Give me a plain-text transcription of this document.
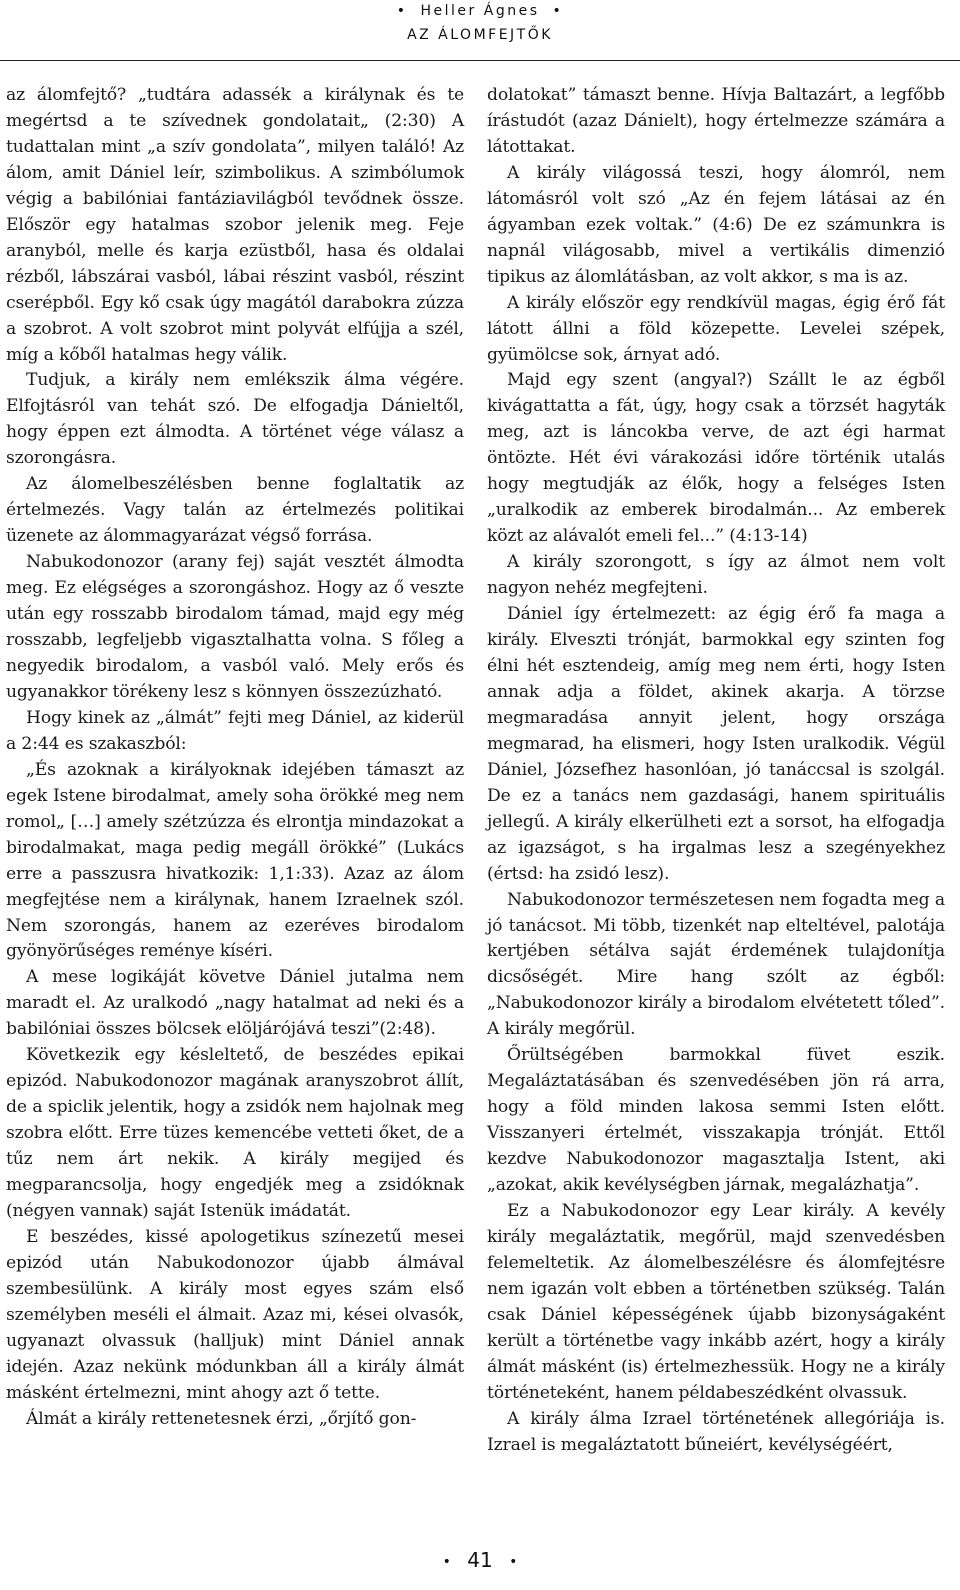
• Heller Ágnes •
AZ ÁLOMFEJTŐK

az álomfejtő? „tudtára adassék a királynak és te megértsd a te szívednek gondolatait„ (2:30) A tudattalan mint „a szív gondolata”, milyen találó! Az álom, amit Dániel leír, szimbolikus. A szimbólumok végig a babilóniai fantáziavilágból tevődnek össze. Először egy hatalmas szobor jelenik meg. Feje aranyból, melle és karja ezüstből, hasa és oldalai rézből, lábszárai vasból, lábai részint vasból, részint cserépből. Egy kő csak úgy magától darabokra zúzza a szobrot. A volt szobrot mint polyvát elfújja a szél, míg a kőből hatalmas hegy válik.

Tudjuk, a király nem emlékszik álma végére. Elfojtásról van tehát szó. De elfogadja Dánieltől, hogy éppen ezt álmodta. A történet vége válasz a szorongásra.

Az álomelbeszélésben benne foglaltatik az értelmezés. Vagy talán az értelmezés politikai üzenete az álommagyarázat végső forrása.

Nabukodonozor (arany fej) saját vesztét álmodta meg. Ez elégséges a szorongáshoz. Hogy az ő veszte után egy rosszabb birodalom támad, majd egy még rosszabb, legfeljebb vigasztalhatta volna. S főleg a negyedik birodalom, a vasból való. Mely erős és ugyanakkor törékeny lesz s könnyen összezúzható.

Hogy kinek az „álmát” fejti meg Dániel, az kiderül a 2:44 es szakaszból:

„És azoknak a királyoknak idejében támaszt az egek Istene birodalmat, amely soha örökké meg nem romol„ […] amely szétzúzza és elrontja mindazokat a birodalmakat, maga pedig megáll örökké” (Lukács erre a passzusra hivatkozik: 1,1:33). Azaz az álom megfejtése nem a királynak, hanem Izraelnek szól. Nem szorongás, hanem az ezeréves birodalom gyönyörűséges reménye kíséri.

A mese logikáját követve Dániel jutalma nem maradt el. Az uralkodó „nagy hatalmat ad neki és a babilóniai összes bölcsek elöljárójává teszi”(2:48).

Következik egy késleltető, de beszédes epikai epizód. Nabukodonozor magának aranyszobrot állít, de a spiclik jelentik, hogy a zsidók nem hajolnak meg szobra előtt. Erre tüzes kemencébe vetteti őket, de a tűz nem árt nekik. A király megijed és megparancsolja, hogy engedjék meg a zsidóknak (négyen vannak) saját Istenük imádatát.

E beszédes, kissé apologetikus színezetű mesei epizód után Nabukodonozor újabb álmával szembesülünk. A király most egyes szám első személyben meséli el álmait. Azaz mi, kései olvasók, ugyanazt olvassuk (halljuk) mint Dániel annak idején. Azaz nekünk módunkban áll a király álmát másként értelmezni, mint ahogy azt ő tette.

Álmát a király rettenetesnek érzi, „őrjítő gon-

dolatokat” támaszt benne. Hívja Baltazárt, a legfőbb írástudót (azaz Dánielt), hogy értelmezze számára a látottakat.

A király világossá teszi, hogy álomról, nem látomásról volt szó „Az én fejem látásai az én ágyamban ezek voltak.” (4:6) De ez számunkra is napnál világosabb, mivel a vertikális dimenzió tipikus az álomlátásban, az volt akkor, s ma is az.

A király először egy rendkívül magas, égig érő fát látott állni a föld közepette. Levelei szépek, gyümölcse sok, árnyat adó.

Majd egy szent (angyal?) Szállt le az égből kivágattatta a fát, úgy, hogy csak a törzsét hagyták meg, azt is láncokba verve, de azt égi harmat öntözte. Hét évi várakozási időre történik utalás hogy megtudják az élők, hogy a felséges Isten „uralkodik az emberek birodalmán... Az emberek közt az alávalót emeli fel...” (4:13-14)

A király szorongott, s így az álmot nem volt nagyon nehéz megfejteni.

Dániel így értelmezett: az égig érő fa maga a király. Elveszti trónját, barmokkal egy szinten fog élni hét esztendeig, amíg meg nem érti, hogy Isten annak adja a földet, akinek akarja. A törzse megmaradása annyit jelent, hogy országa megmarad, ha elismeri, hogy Isten uralkodik. Végül Dániel, Józsefhez hasonlóan, jó tanáccsal is szolgál. De ez a tanács nem gazdasági, hanem spirituális jellegű. A király elkerülheti ezt a sorsot, ha elfogadja az igazságot, s ha irgalmas lesz a szegényekhez (értsd: ha zsidó lesz).

Nabukodonozor természetesen nem fogadta meg a jó tanácsot. Mi több, tizenkét nap elteltével, palotája kertjében sétálva saját érdemének tulajdonítja dicsőségét. Mire hang szólt az égből: „Nabukodonozor király a birodalom elvétetett tőled”. A király megőrül.

Őrültségében barmokkal füvet eszik. Megaláztatásában és szenvedésében jön rá arra, hogy a föld minden lakosa semmi Isten előtt. Visszanyeri értelmét, visszakapja trónját. Ettől kezdve Nabukodonozor magasztalja Istent, aki „azokat, akik kevélységben járnak, megalázhatja”.

Ez a Nabukodonozor egy Lear király. A kevély király megaláztatik, megőrül, majd szenvedésben felemeltetik. Az álomelbeszélésre és álomfejtésre nem igazán volt ebben a történetben szükség. Talán csak Dániel képességének újabb bizonyságaként került a történetbe vagy inkább azért, hogy a király álmát másként (is) értelmezhessük. Hogy ne a király történeteként, hanem példabeszédként olvassuk.

A király álma Izrael történetének allegóriája is. Izrael is megaláztatott bűneiért, kevélységéért,

• 41 •
